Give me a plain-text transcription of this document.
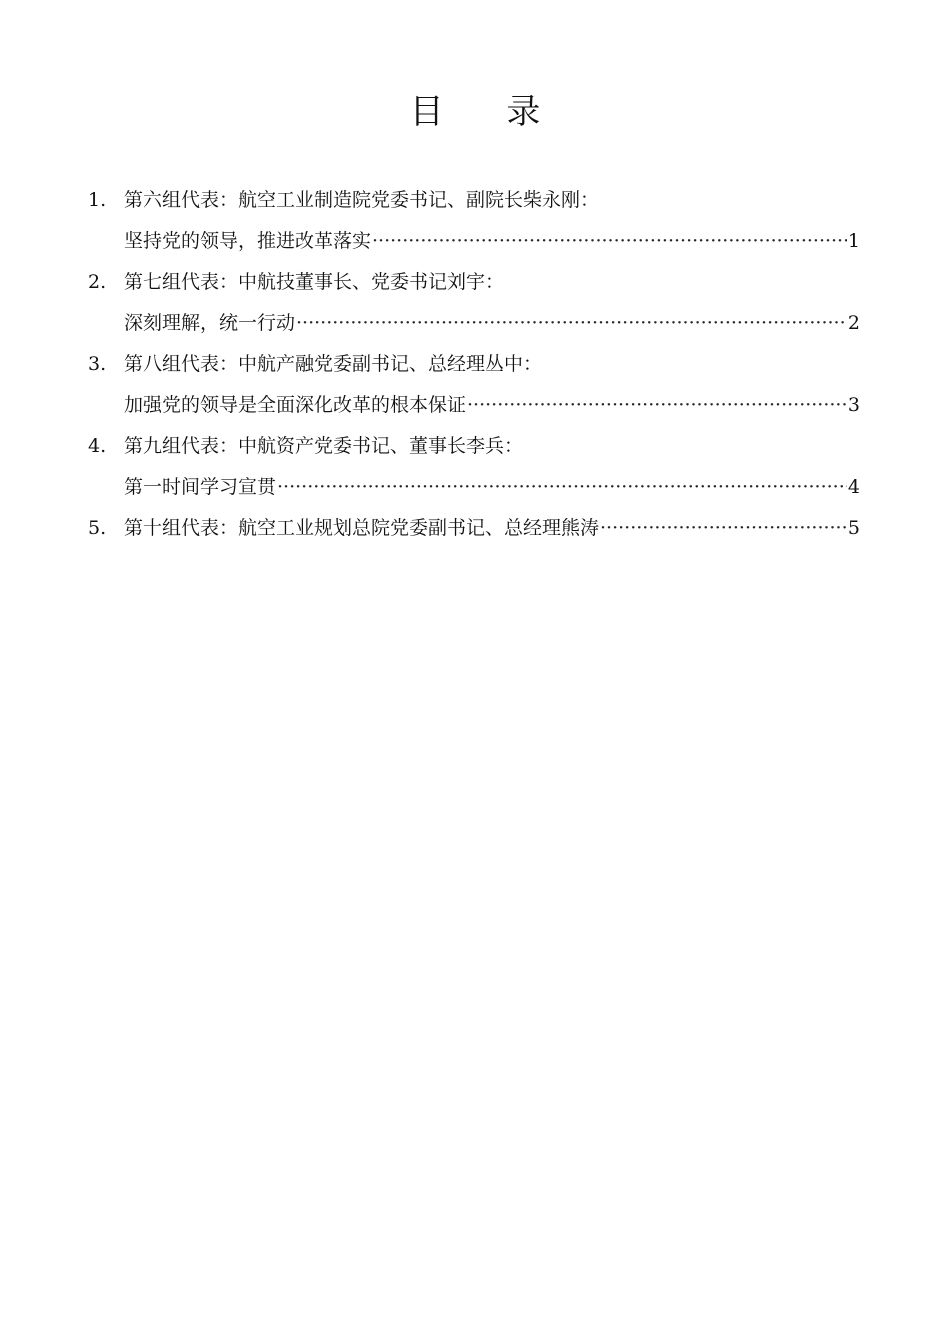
目 录
1. 第六组代表：航空工业制造院党委书记、副院长柴永刚：
坚持党的领导，推进改革落实 ·····	1
2. 第七组代表：中航技董事长、党委书记刘宇：
深刻理解，统一行动 ·····	2
3. 第八组代表：中航产融党委副书记、总经理丛中：
加强党的领导是全面深化改革的根本保证 ·····	3
4. 第九组代表：中航资产党委书记、董事长李兵：
第一时间学习宣贯 ·····	4
5. 第十组代表：航空工业规划总院党委副书记、总经理熊涛 ·····	5
